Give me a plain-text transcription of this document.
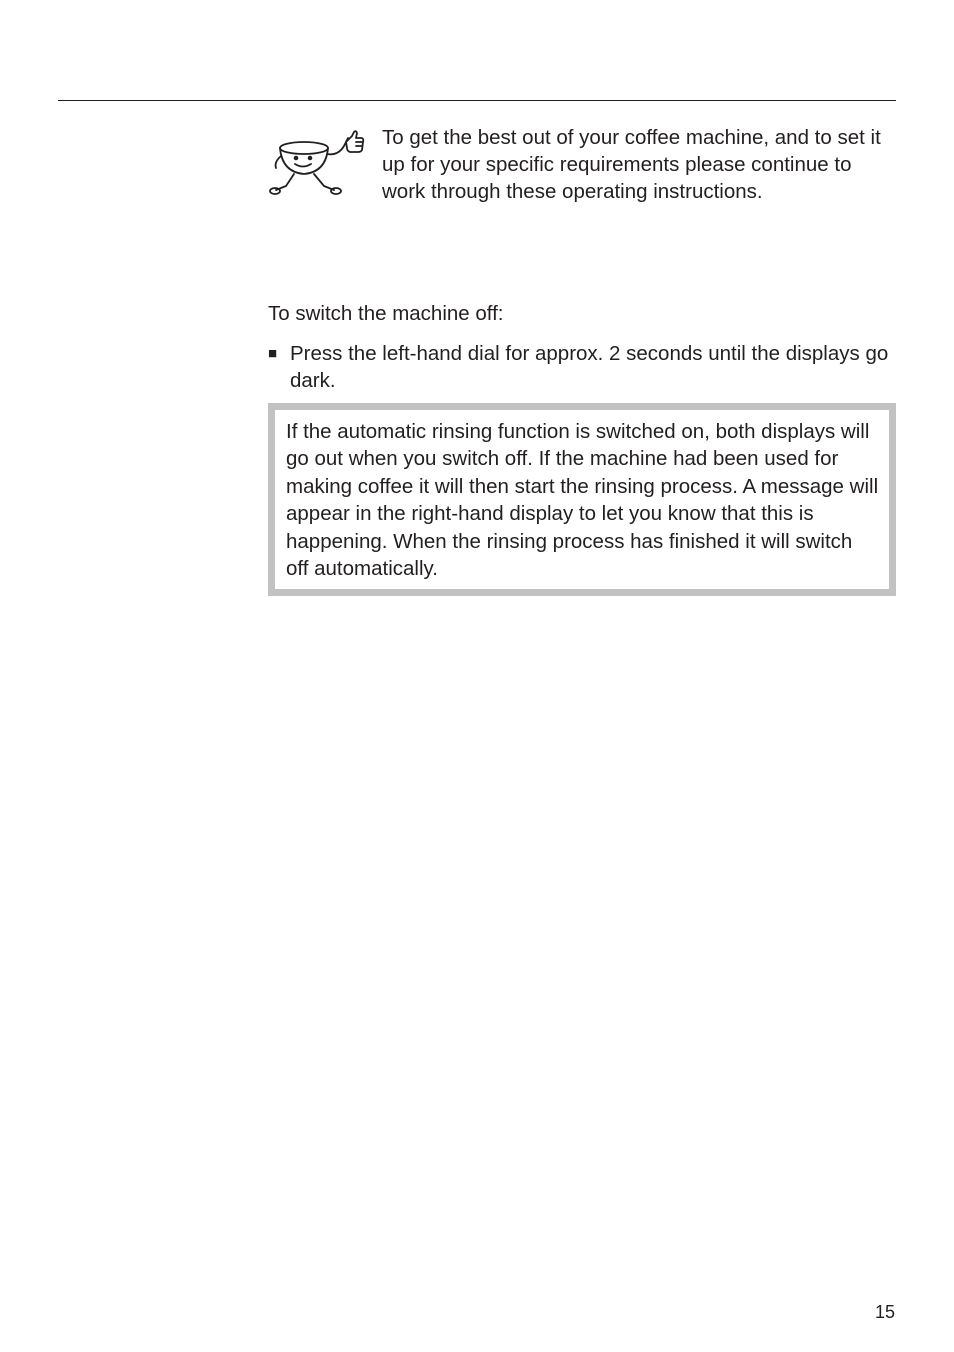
To get the best out of your coffee machine, and to set it up for your specific requirements please continue to work through these operating instructions.

To switch the machine off:

■ Press the left-hand dial for approx. 2 seconds until the displays go dark.
If the automatic rinsing function is switched on, both displays will go out when you switch off. If the machine had been used for making coffee it will then start the rinsing process. A message will appear in the right-hand display to let you know that this is happening. When the rinsing process has finished it will switch off automatically.
15
